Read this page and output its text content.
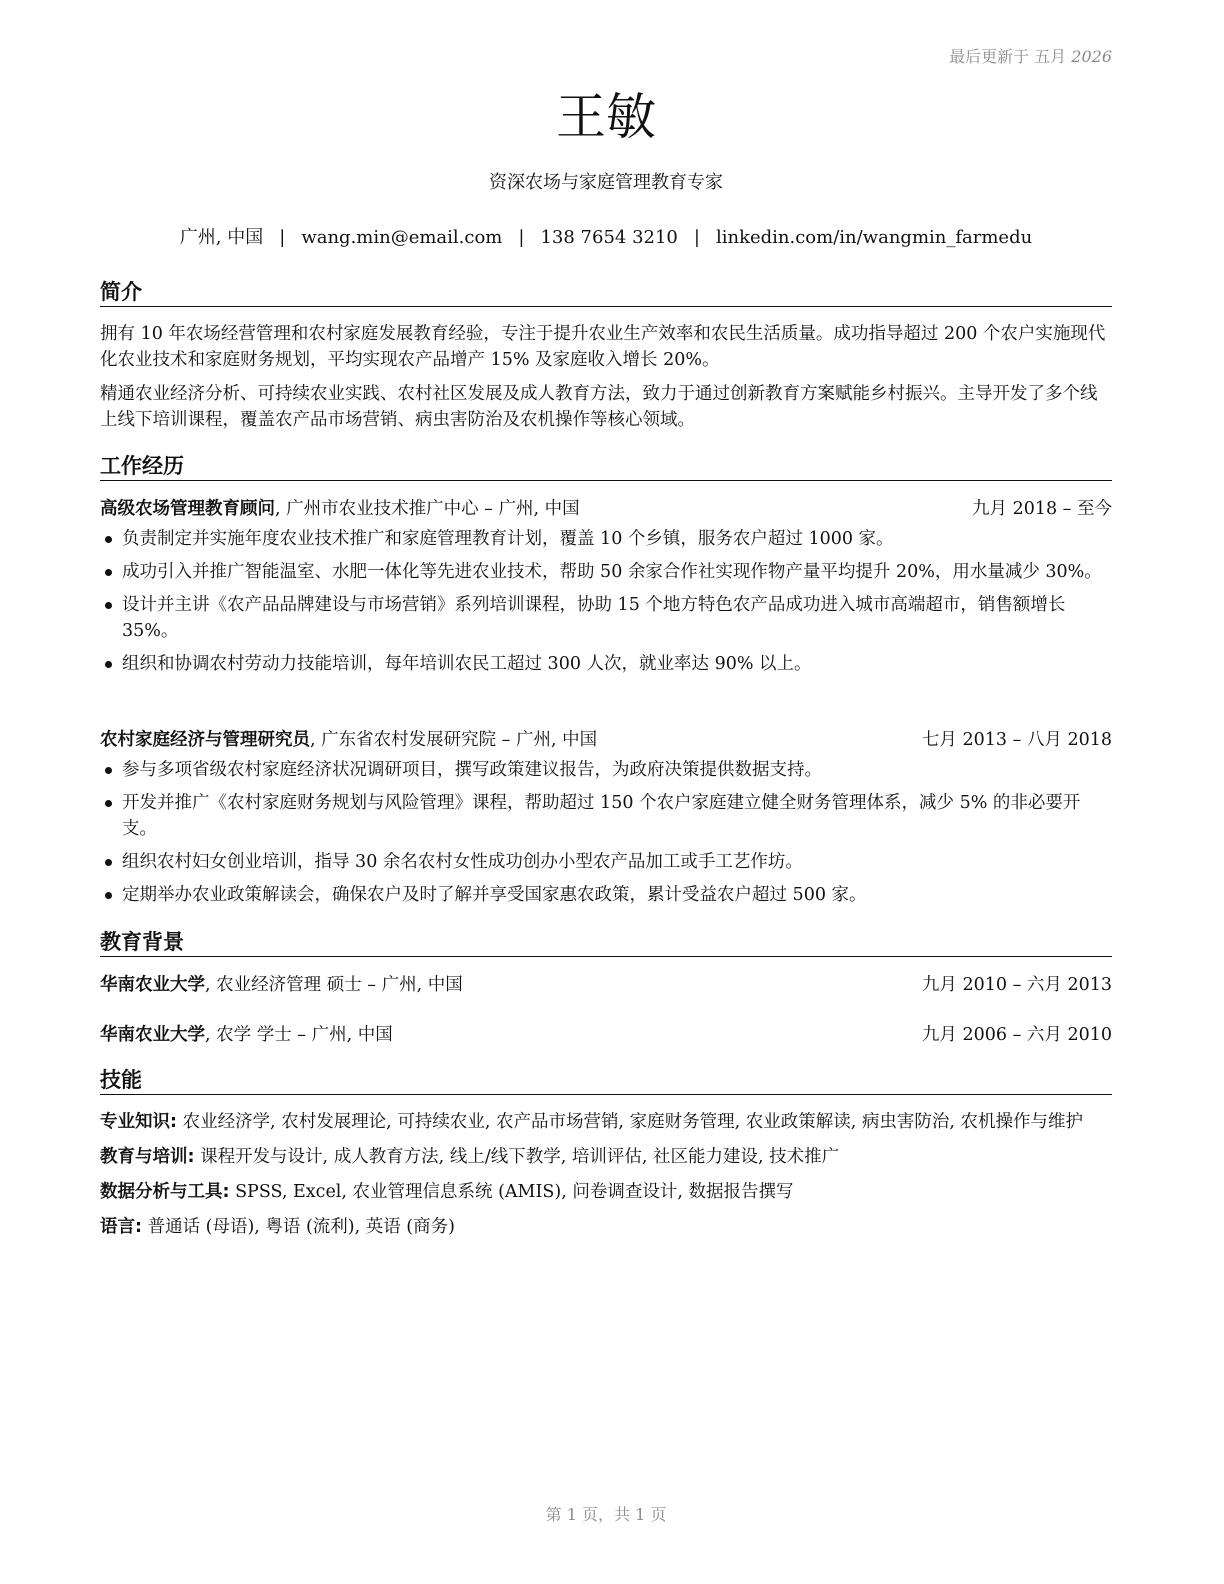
最后更新于 五月 2026
王敏
资深农场与家庭管理教育专家
广州, 中国 | wang.min@email.com | 138 7654 3210 | linkedin.com/in/wangmin_farmedu
简介

拥有 10 年农场经营管理和农村家庭发展教育经验，专注于提升农业生产效率和农民生活质量。成功指导超过 200 个农户实施现代化农业技术和家庭财务规划，平均实现农产品增产 15% 及家庭收入增长 20%。

精通农业经济分析、可持续农业实践、农村社区发展及成人教育方法，致力于通过创新教育方案赋能乡村振兴。主导开发了多个线上线下培训课程，覆盖农产品市场营销、病虫害防治及农机操作等核心领域。

工作经历
高级农场管理教育顾问, 广州市农业技术推广中心 – 广州, 中国	九月 2018 – 至今
负责制定并实施年度农业技术推广和家庭管理教育计划，覆盖 10 个乡镇，服务农户超过 1000 家。
成功引入并推广智能温室、水肥一体化等先进农业技术，帮助 50 余家合作社实现作物产量平均提升 20%，用水量减少 30%。
设计并主讲《农产品品牌建设与市场营销》系列培训课程，协助 15 个地方特色农产品成功进入城市高端超市，销售额增长 35%。
组织和协调农村劳动力技能培训，每年培训农民工超过 300 人次，就业率达 90% 以上。
农村家庭经济与管理研究员, 广东省农村发展研究院 – 广州, 中国	七月 2013 – 八月 2018
参与多项省级农村家庭经济状况调研项目，撰写政策建议报告，为政府决策提供数据支持。
开发并推广《农村家庭财务规划与风险管理》课程，帮助超过 150 个农户家庭建立健全财务管理体系，减少 5% 的非必要开支。
组织农村妇女创业培训，指导 30 余名农村女性成功创办小型农产品加工或手工艺作坊。
定期举办农业政策解读会，确保农户及时了解并享受国家惠农政策，累计受益农户超过 500 家。
教育背景
华南农业大学, 农业经济管理 硕士 – 广州, 中国	九月 2010 – 六月 2013
华南农业大学, 农学 学士 – 广州, 中国	九月 2006 – 六月 2010
技能

专业知识: 农业经济学, 农村发展理论, 可持续农业, 农产品市场营销, 家庭财务管理, 农业政策解读, 病虫害防治, 农机操作与维护

教育与培训: 课程开发与设计, 成人教育方法, 线上/线下教学, 培训评估, 社区能力建设, 技术推广

数据分析与工具: SPSS, Excel, 农业管理信息系统 (AMIS), 问卷调查设计, 数据报告撰写

语言: 普通话 (母语), 粤语 (流利), 英语 (商务)

第 1 页，共 1 页
